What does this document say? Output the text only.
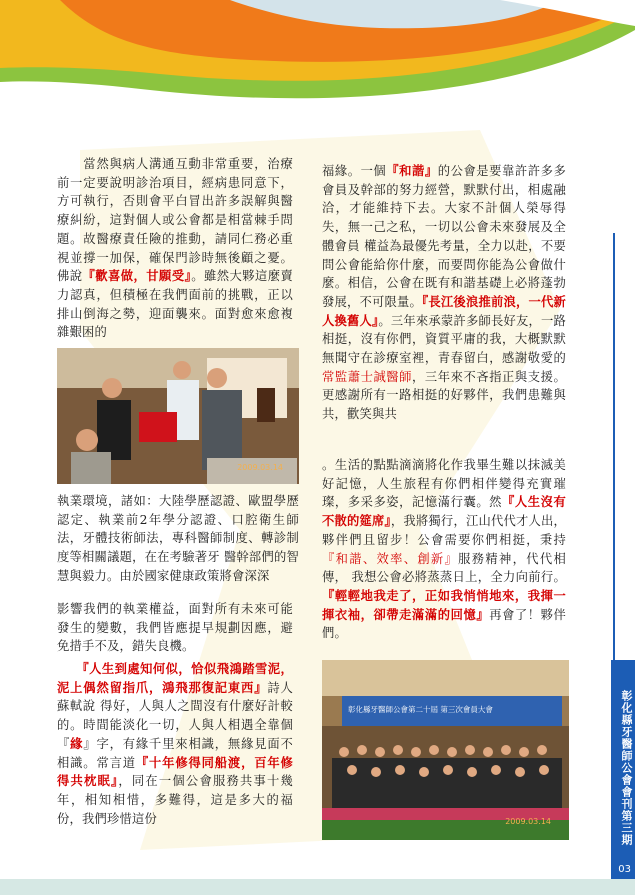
彰化縣牙醫師公會會刊第三期
03
　　當然與病人溝通互動非常重要，治療前一定要說明診治項目，經病患同意下，方可執行，否則會平白冒出許多誤解與醫療糾紛，這對個人或公會都是相當棘手問題。故醫療責任險的推動，請同仁務必重視並撐一加保，確保門診時無後顧之憂。佛說『歡喜做，甘願受』。雖然大夥這麼賣力認真，但積極在我們面前的挑戰，正以排山倒海之勢，迎面襲來。面對愈來愈複雜艱困的
2009.03.14
執業環境，諸如：大陸學歷認證、歐盟學歷認定、執業前2年學分認證、口腔衛生師法，牙體技術師法，專科醫師制度、轉診制度等相關議題，在在考驗著牙 醫幹部們的智慧與毅力。由於國家健康政策將會深深
影響我們的執業權益，面對所有未來可能發生的變數，我們皆應提早規劃因應，避免措手不及，錯失良機。
　　『人生到處知何似，恰似飛鴻踏雪泥，泥上偶然留指爪，鴻飛那復記東西』詩人蘇軾說 得好，人與人之間沒有什麼好計較的。時間能淡化一切，人與人相遇全靠個『緣』字，有緣千里來相識，無緣見面不相識。常言道『十年修得同船渡，百年修得共枕眠』，同在一個公會服務共事十幾年，相知相惜，多難得，這是多大的福份，我們珍惜這份
福緣。一個『和諧』的公會是要靠許許多多會員及幹部的努力經營，默默付出，相處融洽，才能維持下去。大家不計個人榮辱得失，無一己之私，一切以公會未來發展及全體會員 權益為最優先考量，全力以赴，不要問公會能給你什麼，而要問你能為公會做什麼。相信，公會在既有和諧基礎上必將蓬勃發展，不可限量。『長江後浪推前浪，一代新人換舊人』。三年來承蒙許多師長好友，一路相挺，沒有你們，資質平庸的我，大概默默無聞守在診療室裡，青春留白，感謝敬愛的常監蕭士誠醫師，三年來不吝指正與支援。更感謝所有一路相挺的好夥伴，我們患難與共，歡笑與共
。生活的點點滴滴將化作我畢生難以抹滅美好記憶，人生旅程有你們相伴變得充實璀璨，多采多姿，記憶滿行囊。然『人生沒有不散的筵席』，我將獨行，江山代代才人出， 夥伴們且留步！公會需要你們相挺，秉持『和諧、效率、創新』服務精神，代代相傳， 我想公會必將蒸蒸日上，全力向前行。『輕輕地我走了，正如我悄悄地來，我揮一揮衣袖，卻帶走滿滿的回憶』再會了！夥伴們。
彰化縣牙醫師公會第二十屆 第三次會員大會
2009.03.14
